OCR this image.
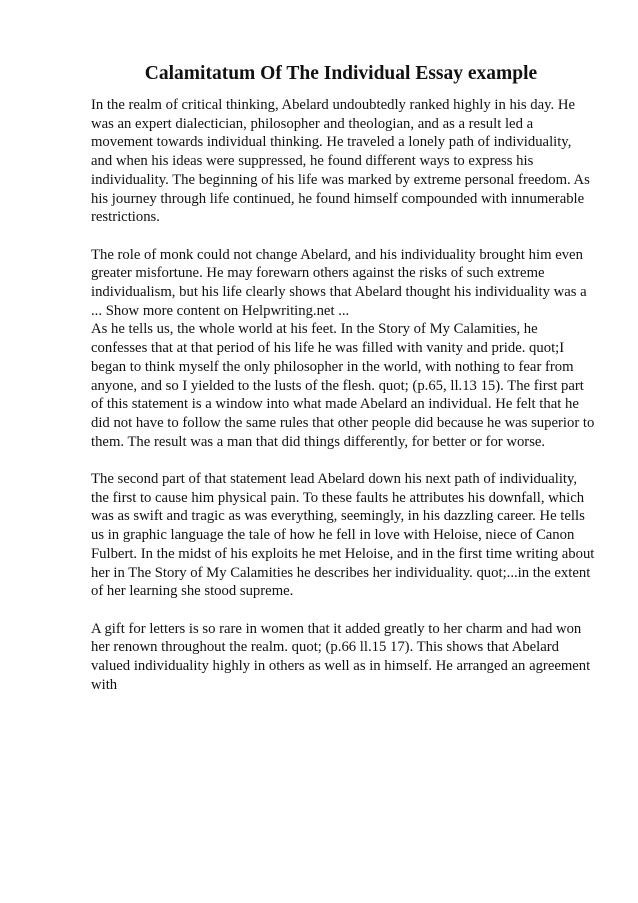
Calamitatum Of The Individual Essay example
In the realm of critical thinking, Abelard undoubtedly ranked highly in his day. He
was an expert dialectician, philosopher and theologian, and as a result led a
movement towards individual thinking. He traveled a lonely path of individuality,
and when his ideas were suppressed, he found different ways to express his
individuality. The beginning of his life was marked by extreme personal freedom. As
his journey through life continued, he found himself compounded with innumerable
restrictions.
The role of monk could not change Abelard, and his individuality brought him even
greater misfortune. He may forewarn others against the risks of such extreme
individualism, but his life clearly shows that Abelard thought his individuality was a
... Show more content on Helpwriting.net ...
As he tells us, the whole world at his feet. In the Story of My Calamities, he
confesses that at that period of his life he was filled with vanity and pride. quot;I
began to think myself the only philosopher in the world, with nothing to fear from
anyone, and so I yielded to the lusts of the flesh. quot; (p.65, ll.13 15). The first part
of this statement is a window into what made Abelard an individual. He felt that he
did not have to follow the same rules that other people did because he was superior to
them. The result was a man that did things differently, for better or for worse.
The second part of that statement lead Abelard down his next path of individuality,
the first to cause him physical pain. To these faults he attributes his downfall, which
was as swift and tragic as was everything, seemingly, in his dazzling career. He tells
us in graphic language the tale of how he fell in love with Heloise, niece of Canon
Fulbert. In the midst of his exploits he met Heloise, and in the first time writing about
her in The Story of My Calamities he describes her individuality. quot;...in the extent
of her learning she stood supreme.
A gift for letters is so rare in women that it added greatly to her charm and had won
her renown throughout the realm. quot; (p.66 ll.15 17). This shows that Abelard
valued individuality highly in others as well as in himself. He arranged an agreement
with
